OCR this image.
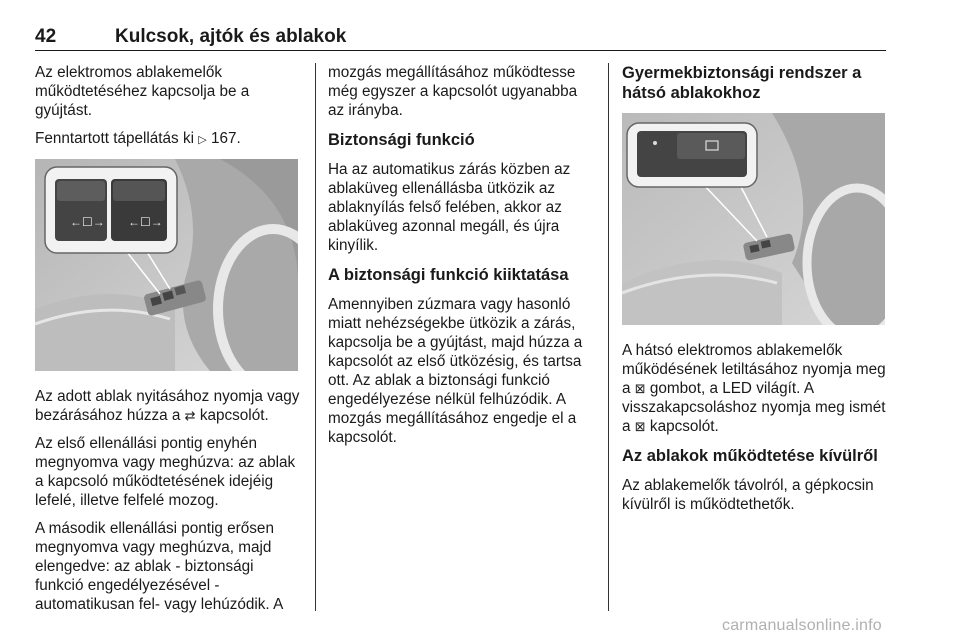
42	Kulcsok, ajtók és ablakok

Az elektromos ablakemelők működtetéséhez kapcsolja be a gyújtást.

Fenntartott tápellátás ki ▷ 167.

←☐→ ←☐→

Az adott ablak nyitásához nyomja vagy bezárásához húzza a ⇄ kapcsolót.

Az első ellenállási pontig enyhén megnyomva vagy meghúzva: az ablak a kapcsoló működtetésének idejéig lefelé, illetve felfelé mozog.

A második ellenállási pontig erősen megnyomva vagy meghúzva, majd elengedve: az ablak - biztonsági funkció engedélyezésével - automatikusan fel- vagy lehúzódik. A

mozgás megállításához működtesse még egyszer a kapcsolót ugyanabba az irányba.

Biztonsági funkció

Ha az automatikus zárás közben az ablaküveg ellenállásba ütközik az ablaknyílás felső felében, akkor az ablaküveg azonnal megáll, és újra kinyílik.

A biztonsági funkció kiiktatása

Amennyiben zúzmara vagy hasonló miatt nehézségekbe ütközik a zárás, kapcsolja be a gyújtást, majd húzza a kapcsolót az első ütközésig, és tartsa ott. Az ablak a biztonsági funkció engedélyezése nélkül felhúzódik. A mozgás megállításához engedje el a kapcsolót.

Gyermekbiztonsági rendszer a hátsó ablakokhoz

A hátsó elektromos ablakemelők működésének letiltásához nyomja meg a ⊠ gombot, a LED világít. A visszakapcsoláshoz nyomja meg ismét a ⊠ kapcsolót.

Az ablakok működtetése kívülről

Az ablakemelők távolról, a gépkocsin kívülről is működtethetők.

carmanualsonline.info
